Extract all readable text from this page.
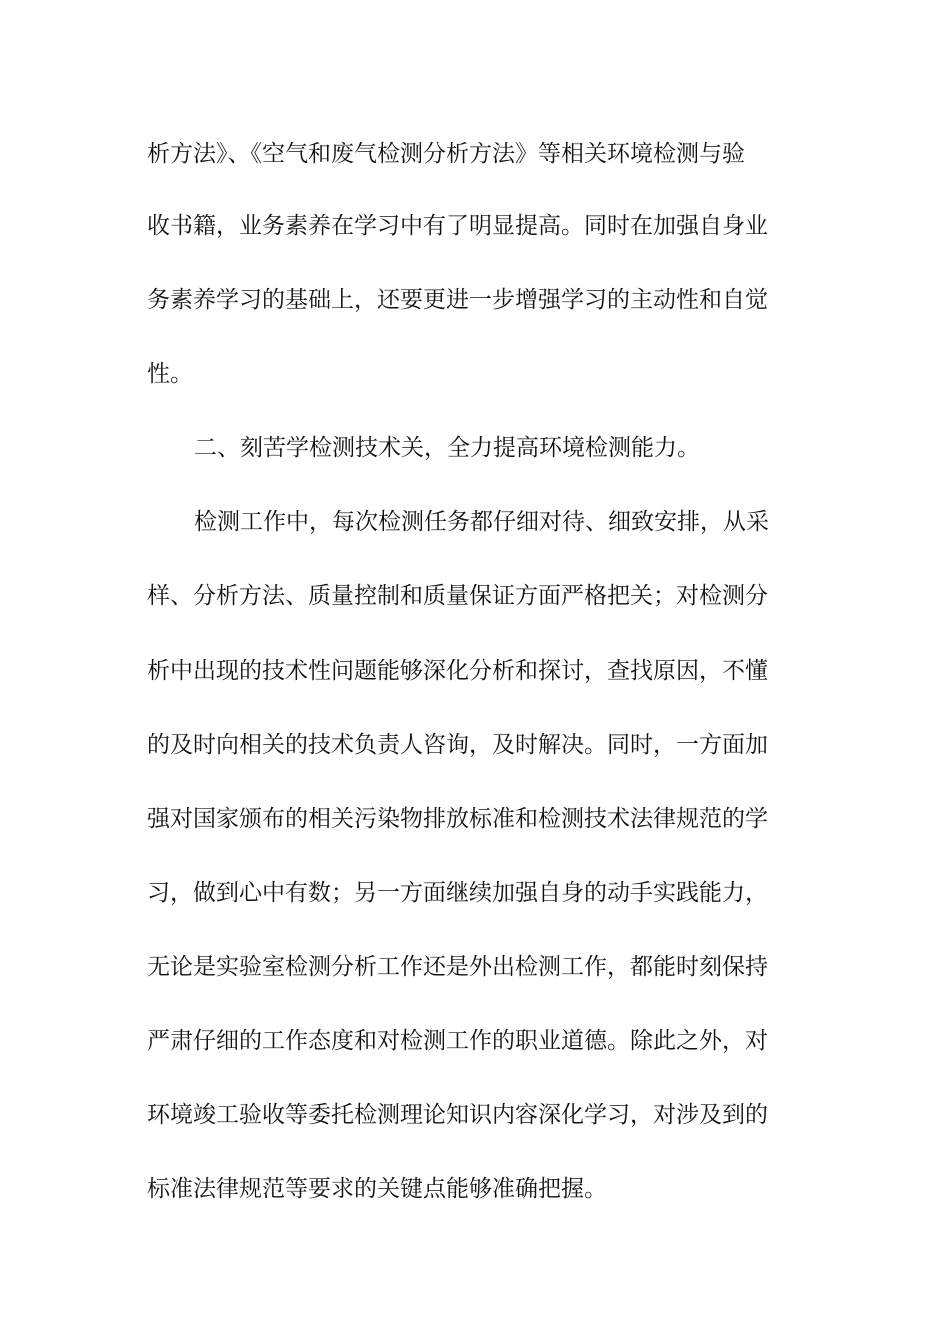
析方法》、《空气和废气检测分析方法》等相关环境检测与验
收书籍，业务素养在学习中有了明显提高。同时在加强自身业
务素养学习的基础上，还要更进一步增强学习的主动性和自觉
性。
二、刻苦学检测技术关，全力提高环境检测能力。
检测工作中，每次检测任务都仔细对待、细致安排，从采
样、分析方法、质量控制和质量保证方面严格把关；对检测分
析中出现的技术性问题能够深化分析和探讨，查找原因，不懂
的及时向相关的技术负责人咨询，及时解决。同时，一方面加
强对国家颁布的相关污染物排放标准和检测技术法律规范的学
习，做到心中有数；另一方面继续加强自身的动手实践能力，
无论是实验室检测分析工作还是外出检测工作，都能时刻保持
严肃仔细的工作态度和对检测工作的职业道德。除此之外，对
环境竣工验收等委托检测理论知识内容深化学习，对涉及到的
标准法律规范等要求的关键点能够准确把握。
